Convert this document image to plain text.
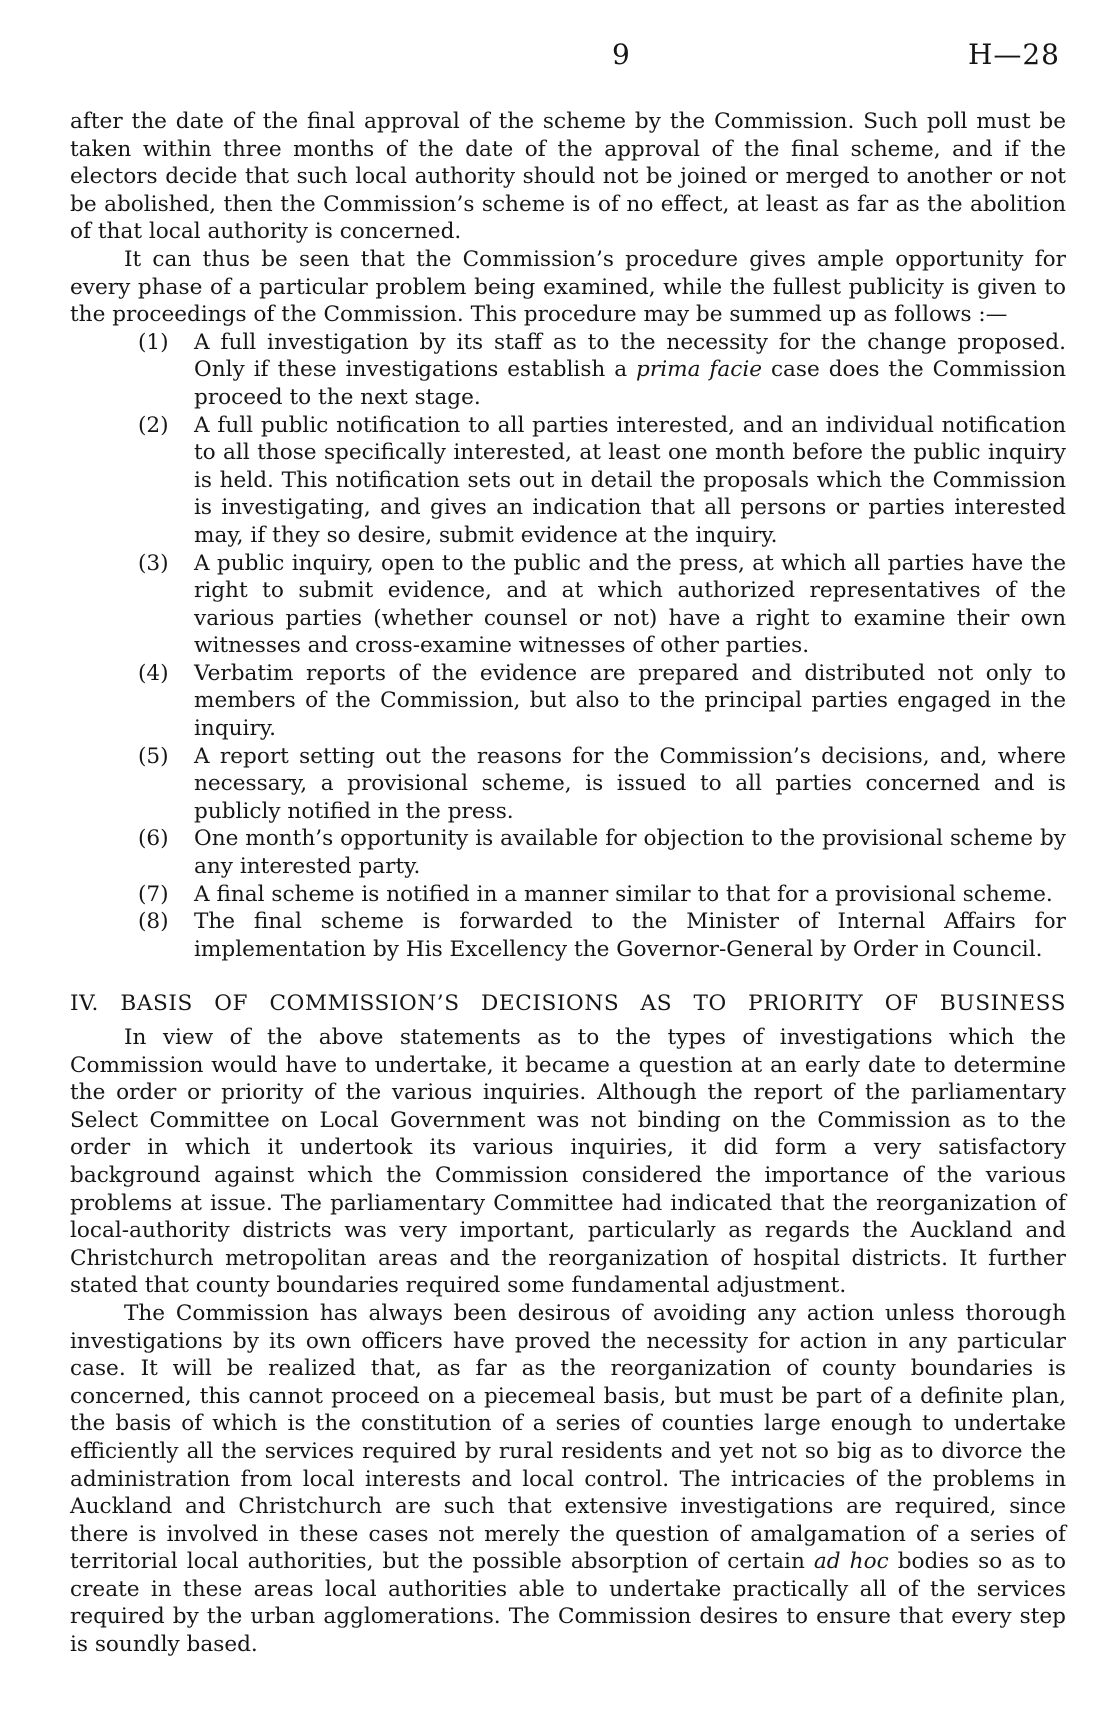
9	H—28

after the date of the final approval of the scheme by the Commission. Such poll must be taken within three months of the date of the approval of the final scheme, and if the electors decide that such local authority should not be joined or merged to another or not be abolished, then the Commission’s scheme is of no effect, at least as far as the abolition of that local authority is concerned.

It can thus be seen that the Commission’s procedure gives ample opportunity for every phase of a particular problem being examined, while the fullest publicity is given to the proceedings of the Commission. This procedure may be summed up as follows :—

(1)	A full investigation by its staff as to the necessity for the change proposed. Only if these investigations establish a prima facie case does the Commission proceed to the next stage.
(2)	A full public notification to all parties interested, and an individual notification to all those specifically interested, at least one month before the public inquiry is held. This notification sets out in detail the proposals which the Commission is investigating, and gives an indication that all persons or parties interested may, if they so desire, submit evidence at the inquiry.
(3)	A public inquiry, open to the public and the press, at which all parties have the right to submit evidence, and at which authorized representatives of the various parties (whether counsel or not) have a right to examine their own witnesses and cross-examine witnesses of other parties.
(4)	Verbatim reports of the evidence are prepared and distributed not only to members of the Commission, but also to the principal parties engaged in the inquiry.
(5)	A report setting out the reasons for the Commission’s decisions, and, where necessary, a provisional scheme, is issued to all parties concerned and is publicly notified in the press.
(6)	One month’s opportunity is available for objection to the provisional scheme by any interested party.
(7)	A final scheme is notified in a manner similar to that for a provisional scheme.
(8)	The final scheme is forwarded to the Minister of Internal Affairs for implementation by His Excellency the Governor-General by Order in Council.
IV. BASIS OF COMMISSION’S DECISIONS AS TO PRIORITY OF BUSINESS

In view of the above statements as to the types of investigations which the Commission would have to undertake, it became a question at an early date to determine the order or priority of the various inquiries. Although the report of the parliamentary Select Committee on Local Government was not binding on the Commission as to the order in which it undertook its various inquiries, it did form a very satisfactory background against which the Commission considered the importance of the various problems at issue. The parliamentary Committee had indicated that the reorganization of local-authority districts was very important, particularly as regards the Auckland and Christchurch metropolitan areas and the reorganization of hospital districts. It further stated that county boundaries required some fundamental adjustment.

The Commission has always been desirous of avoiding any action unless thorough investigations by its own officers have proved the necessity for action in any particular case. It will be realized that, as far as the reorganization of county boundaries is concerned, this cannot proceed on a piecemeal basis, but must be part of a definite plan, the basis of which is the constitution of a series of counties large enough to undertake efficiently all the services required by rural residents and yet not so big as to divorce the administration from local interests and local control. The intricacies of the problems in Auckland and Christchurch are such that extensive investigations are required, since there is involved in these cases not merely the question of amalgamation of a series of territorial local authorities, but the possible absorption of certain ad hoc bodies so as to create in these areas local authorities able to undertake practically all of the services required by the urban agglomerations. The Commission desires to ensure that every step is soundly based.
